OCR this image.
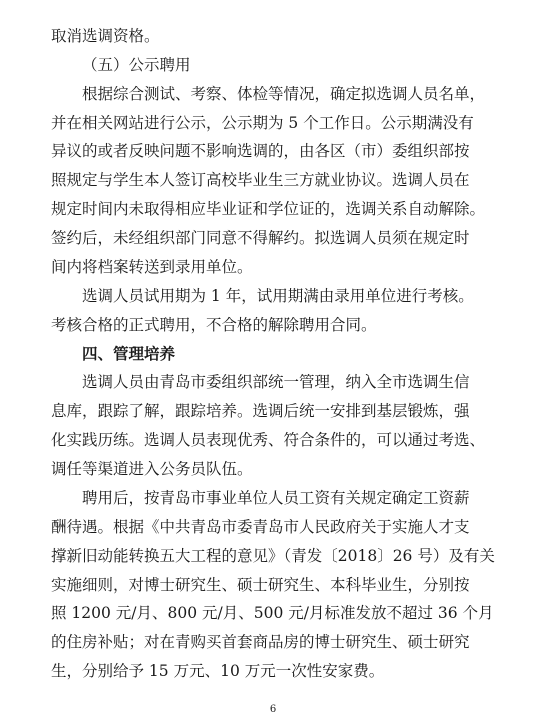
取消选调资格。
（五）公示聘用
根据综合测试、考察、体检等情况，确定拟选调人员名单，
并在相关网站进行公示，公示期为 5 个工作日。公示期满没有
异议的或者反映问题不影响选调的，由各区（市）委组织部按
照规定与学生本人签订高校毕业生三方就业协议。选调人员在
规定时间内未取得相应毕业证和学位证的，选调关系自动解除。
签约后，未经组织部门同意不得解约。拟选调人员须在规定时
间内将档案转送到录用单位。
选调人员试用期为 1 年，试用期满由录用单位进行考核。
考核合格的正式聘用，不合格的解除聘用合同。
四、管理培养
选调人员由青岛市委组织部统一管理，纳入全市选调生信
息库，跟踪了解，跟踪培养。选调后统一安排到基层锻炼，强
化实践历练。选调人员表现优秀、符合条件的，可以通过考选、
调任等渠道进入公务员队伍。
聘用后，按青岛市事业单位人员工资有关规定确定工资薪
酬待遇。根据《中共青岛市委青岛市人民政府关于实施人才支
撑新旧动能转换五大工程的意见》（青发〔2018〕26 号）及有关
实施细则，对博士研究生、硕士研究生、本科毕业生，分别按
照 1200 元/月、800 元/月、500 元/月标准发放不超过 36 个月
的住房补贴；对在青购买首套商品房的博士研究生、硕士研究
生，分别给予 15 万元、10 万元一次性安家费。
6
